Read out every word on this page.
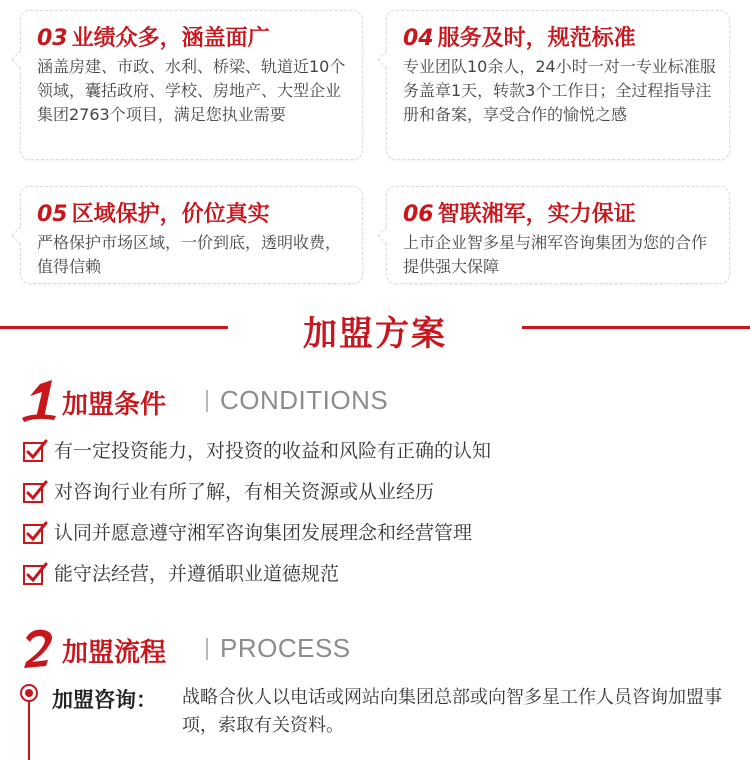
03 业绩众多，涵盖面广
涵盖房建、市政、水利、桥梁、轨道近10个领域，囊括政府、学校、房地产、大型企业集团2763个项目，满足您执业需要
04 服务及时，规范标准
专业团队10余人，24小时一对一专业标准服务盖章1天，转款3个工作日；全过程指导注册和备案，享受合作的愉悦之感
05 区域保护，价位真实
严格保护市场区域，一价到底，透明收费，值得信赖
06 智联湘军，实力保证
上市企业智多星与湘军咨询集团为您的合作提供强大保障
加盟方案
加盟条件 CONDITIONS
有一定投资能力，对投资的收益和风险有正确的认知
对咨询行业有所了解，有相关资源或从业经历
认同并愿意遵守湘军咨询集团发展理念和经营管理
能守法经营，并遵循职业道德规范
加盟流程 PROCESS
加盟咨询： 战略合伙人以电话或网站向集团总部或向智多星工作人员咨询加盟事项，索取有关资料。
